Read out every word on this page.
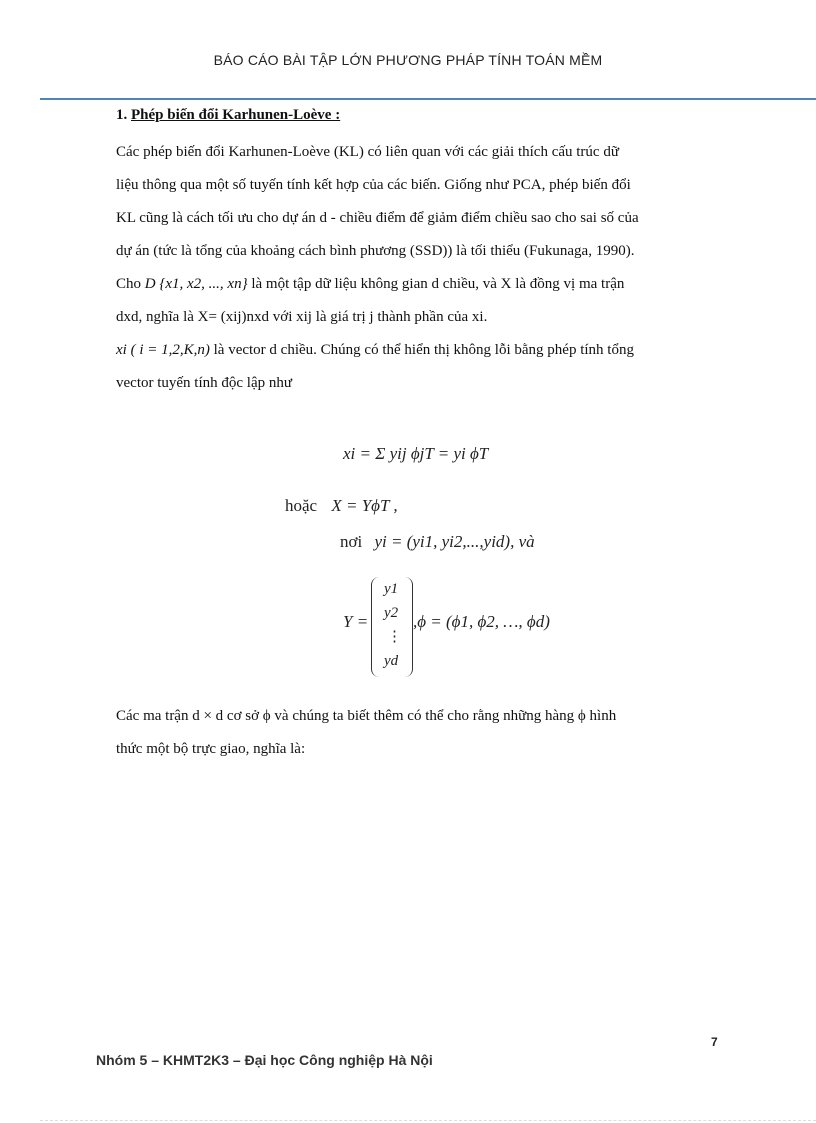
BÁO CÁO BÀI TẬP LỚN PHƯƠNG PHÁP TÍNH TOÁN MỀM

1. Phép biến đổi Karhunen-Loève :

Các phép biến đổi Karhunen-Loève (KL) có liên quan với các giải thích cấu trúc dữ

liệu thông qua một số tuyến tính kết hợp của các biến. Giống như PCA, phép biến đổi

KL cũng là cách tối ưu cho dự án d - chiều điểm để giảm điểm chiều sao cho sai số của

dự án (tức là tổng của khoảng cách bình phương (SSD)) là tối thiểu (Fukunaga, 1990).

Cho D {x1, x2, ..., xn} là một tập dữ liệu không gian d chiều, và X là đồng vị ma trận

dxd, nghĩa là X= (xij)nxd với xij là giá trị j thành phần của xi.

xi ( i = 1,2,K,n) là vector d chiều. Chúng có thể hiển thị không lỗi bằng phép tính tổng

vector tuyến tính độc lập như

xi = Σ yij ϕjT = yi ϕT
hoặc X = YϕT ,
nơi yi = (yi1, yi2,...,yid), và
Y =
y1
y2
⋮
yd
,ϕ = (ϕ1, ϕ2, …, ϕd)

Các ma trận d × d cơ sở ϕ và chúng ta biết thêm có thể cho rằng những hàng ϕ hình

thức một bộ trực giao, nghĩa là:

7
Nhóm 5 – KHMT2K3 – Đại học Công nghiệp Hà Nội
